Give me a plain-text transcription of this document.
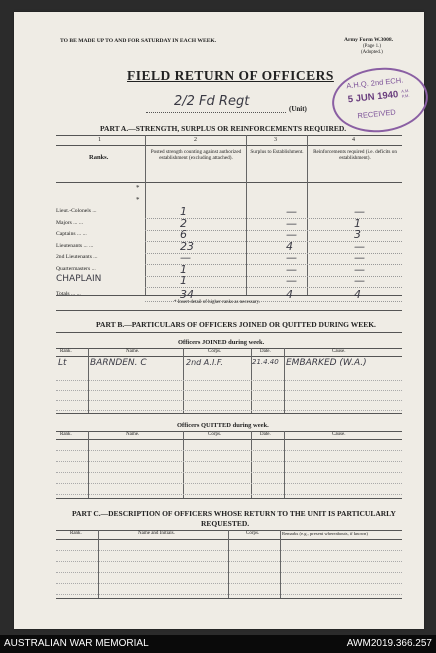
TO BE MADE UP TO AND FOR SATURDAY IN EACH WEEK.	Army Form W.3008.
(Page 1.)
(Adopted.)
FIELD RETURN OF OFFICERS
2/2 Fd Regt	(Unit)
A.H.Q. 2nd ECH.
5 JUN 1940 A.M. P.M.
RECEIVED
PART A.—STRENGTH, SURPLUS OR REINFORCEMENTS REQUIRED.
1	2	3	4
Ranks.
Posted strength counting against authorized establishment (excluding attached).
Surplus to Establishment.	Reinforcements required (i.e. deficits on establishment).
*
*
Lieut.-Colonels ...	1	—	—
Majors ... ...	2	—	1
Captains ... ...	6	—	3
Lieutenants ... ...	23	4	—
2nd Lieutenants ...	—	—	—
Quartermasters ...	1	—	—
CHAPLAIN	1	—	—
Totals ... ...	34	4	4
* Insert detail of higher ranks as necessary.
PART B.—PARTICULARS OF OFFICERS JOINED OR QUITTED DURING WEEK.
Officers JOINED during week.
Rank.	Name.	Corps.	Date.	Cause.
Lt	BARNDEN. C	2nd A.I.F.	21.4.40 EMBARKED (W.A.)
Officers QUITTED during week.
Rank.	Name.	Corps.	Date.	Cause.
PART C.—DESCRIPTION OF OFFICERS WHOSE RETURN TO THE UNIT IS PARTICULARLY
REQUESTED.
Rank.	Name and Initials.	Corps.	Remarks (e.g., present whereabouts, if known)
AUSTRALIAN WAR MEMORIAL	AWM2019.366.257
